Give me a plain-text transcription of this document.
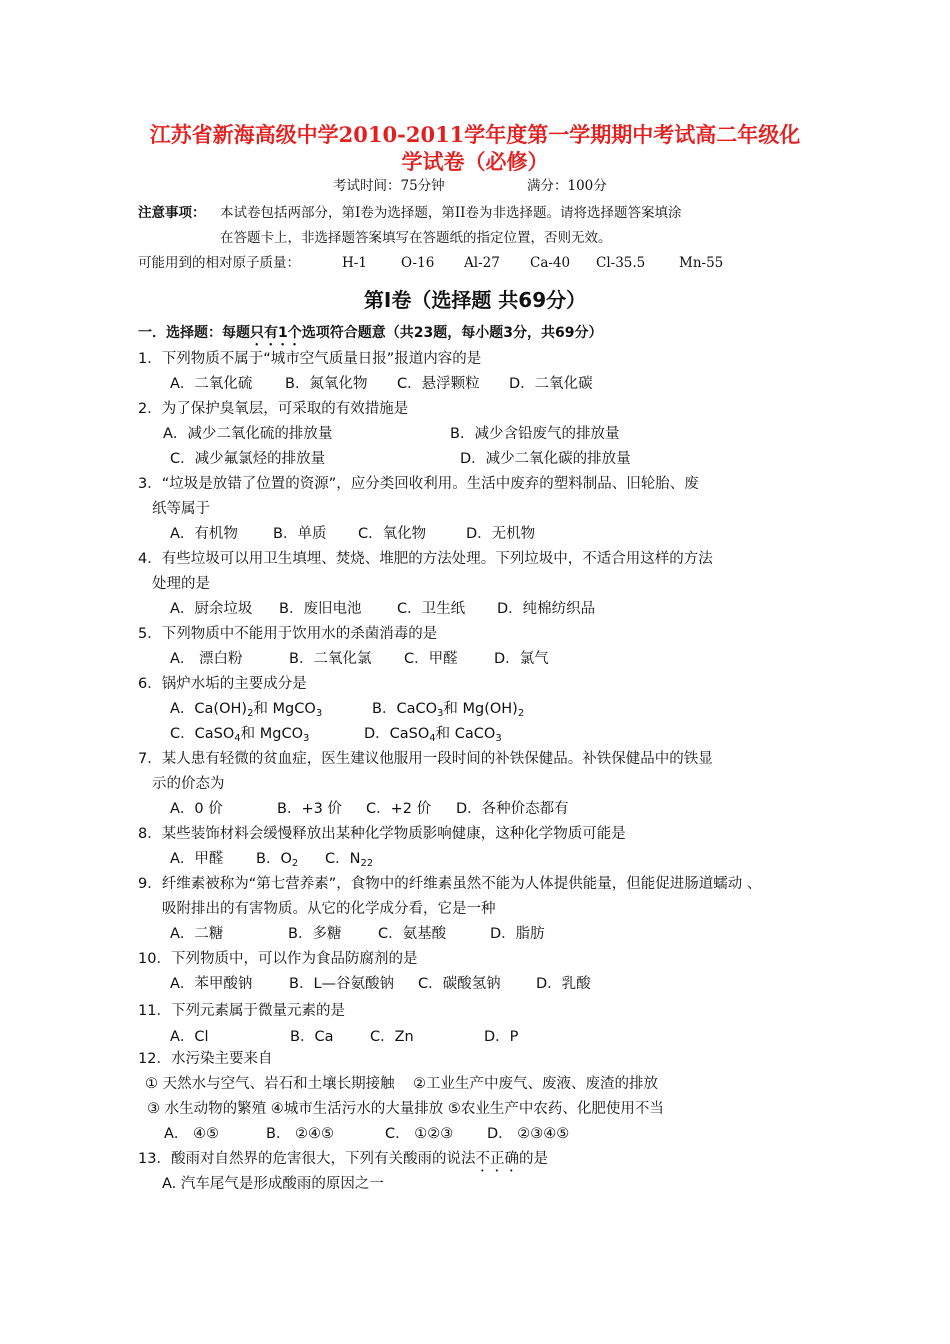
江苏省新海高级中学2010-2011学年度第一学期期中考试高二年级化
学试卷（必修）
考试时间：75分钟	满分：100分
注意事项： 本试卷包括两部分，第Ⅰ卷为选择题，第II卷为非选择题。请将选择题答案填涂
在答题卡上，非选择题答案填写在答题纸的指定位置，否则无效。
可能用到的相对原子质量：	H-1	O-16 Al-27 Ca-40 Cl-35.5 Mn-55
第Ⅰ卷（选择题 共69分）
一．选择题：每题只有1个选项符合题意（共23题，每小题3分，共69分）
1．下列物质不属于“城市空气质量日报”报道内容的是
A．二氧化硫 B．氮氧化物 C．悬浮颗粒 D．二氧化碳
2．为了保护臭氧层，可采取的有效措施是
A．减少二氧化硫的排放量	B．减少含铅废气的排放量
C．减少氟氯烃的排放量	D．减少二氧化碳的排放量
3．“垃圾是放错了位置的资源”，应分类回收利用。生活中废弃的塑料制品、旧轮胎、废
纸等属于
A．有机物 B．单质 C．氧化物	D．无机物
4．有些垃圾可以用卫生填埋、焚烧、堆肥的方法处理。下列垃圾中，不适合用这样的方法
处理的是
A．厨余垃圾 B．废旧电池 C．卫生纸 D．纯棉纺织品
5．下列物质中不能用于饮用水的杀菌消毒的是
A． 漂白粉	B．二氧化氯 C．甲醛	D．氯气
6．锅炉水垢的主要成分是
A．$Ca(OH)_2$和 MgCO$_3$	B．CaCO$_3$和 $Mg(OH)_2$
C．CaSO$_4$和 MgCO$_3$	D．CaSO$_4$和 CaCO$_3$
7．某人患有轻微的贫血症，医生建议他服用一段时间的补铁保健品。补铁保健品中的铁显
示的价态为
A．0 价	B．+3 价 C．+2 价 D．各种价态都有
8．某些装饰材料会缓慢释放出某种化学物质影响健康，这种化学物质可能是
A．甲醛 B．$O_2$ C．$N_{22}$
9．纤维素被称为“第七营养素”，食物中的纤维素虽然不能为人体提供能量，但能促进肠道蠕动 、
吸附排出的有害物质。从它的化学成分看，它是一种
A．二糖	B．多糖	C．氨基酸	D．脂肪
10．下列物质中，可以作为食品防腐剂的是
A．苯甲酸钠	B．L—谷氨酸钠 C．碳酸氢钠 D．乳酸
11．下列元素属于微量元素的是
A．Cl	B．Ca	C．Zn	D．P
12．水污染主要来自
① 天然水与空气、岩石和土壤长期接触    ②工业生产中废气、废液、废渣的排放
③ 水生动物的繁殖 ④城市生活污水的大量排放 ⑤农业生产中农药、化肥使用不当
A． ④⑤	B． ②④⑤	C． ①②③ D． ②③④⑤
13．酸雨对自然界的危害很大，下列有关酸雨的说法不正确的是
A. 汽车尾气是形成酸雨的原因之一
